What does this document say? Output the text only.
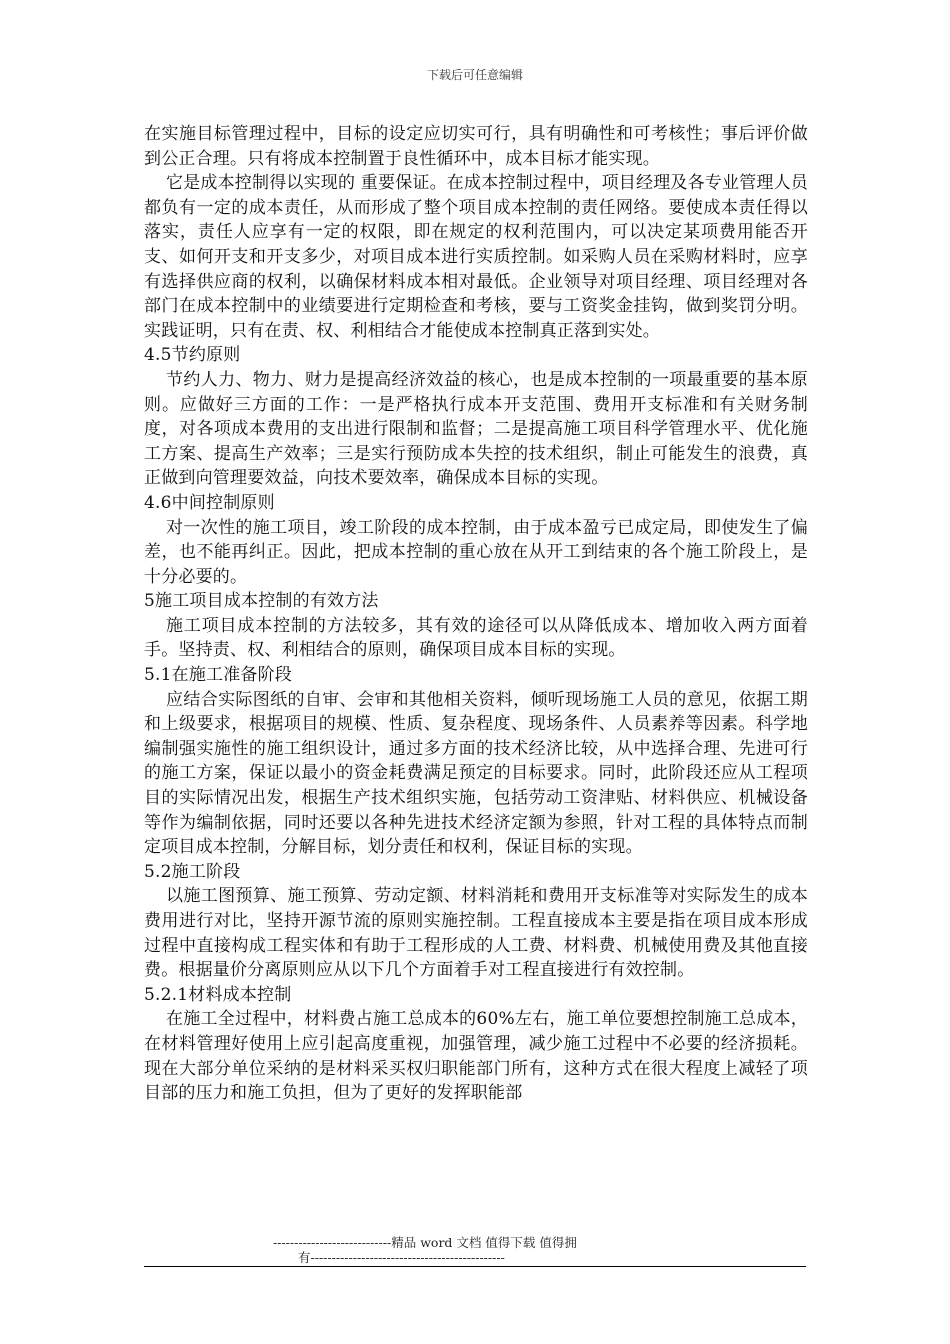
下载后可任意编辑

在实施目标管理过程中，目标的设定应切实可行，具有明确性和可考核性；事后评价做到公正合理。只有将成本控制置于良性循环中，成本目标才能实现。

它是成本控制得以实现的 重要保证。在成本控制过程中，项目经理及各专业管理人员都负有一定的成本责任，从而形成了整个项目成本控制的责任网络。要使成本责任得以落实，责任人应享有一定的权限，即在规定的权利范围内，可以决定某项费用能否开支、如何开支和开支多少，对项目成本进行实质控制。如采购人员在采购材料时，应享有选择供应商的权利，以确保材料成本相对最低。企业领导对项目经理、项目经理对各部门在成本控制中的业绩要进行定期检查和考核，要与工资奖金挂钩，做到奖罚分明。实践证明，只有在责、权、利相结合才能使成本控制真正落到实处。

4.5节约原则

节约人力、物力、财力是提高经济效益的核心，也是成本控制的一项最重要的基本原则。应做好三方面的工作：一是严格执行成本开支范围、费用开支标准和有关财务制度，对各项成本费用的支出进行限制和监督；二是提高施工项目科学管理水平、优化施工方案、提高生产效率；三是实行预防成本失控的技术组织，制止可能发生的浪费，真正做到向管理要效益，向技术要效率，确保成本目标的实现。

4.6中间控制原则

对一次性的施工项目，竣工阶段的成本控制，由于成本盈亏已成定局，即使发生了偏差，也不能再纠正。因此，把成本控制的重心放在从开工到结束的各个施工阶段上，是十分必要的。

5施工项目成本控制的有效方法

施工项目成本控制的方法较多，其有效的途径可以从降低成本、增加收入两方面着手。坚持责、权、利相结合的原则，确保项目成本目标的实现。

5.1在施工准备阶段

应结合实际图纸的自审、会审和其他相关资料，倾听现场施工人员的意见，依据工期和上级要求，根据项目的规模、性质、复杂程度、现场条件、人员素养等因素。科学地编制强实施性的施工组织设计，通过多方面的技术经济比较，从中选择合理、先进可行的施工方案，保证以最小的资金耗费满足预定的目标要求。同时，此阶段还应从工程项目的实际情况出发，根据生产技术组织实施，包括劳动工资津贴、材料供应、机械设备等作为编制依据，同时还要以各种先进技术经济定额为参照，针对工程的具体特点而制定项目成本控制，分解目标，划分责任和权利，保证目标的实现。

5.2施工阶段

以施工图预算、施工预算、劳动定额、材料消耗和费用开支标准等对实际发生的成本费用进行对比，坚持开源节流的原则实施控制。工程直接成本主要是指在项目成本形成过程中直接构成工程实体和有助于工程形成的人工费、材料费、机械使用费及其他直接费。根据量价分离原则应从以下几个方面着手对工程直接进行有效控制。

5.2.1材料成本控制

在施工全过程中，材料费占施工总成本的60%左右，施工单位要想控制施工总成本，在材料管理好使用上应引起高度重视，加强管理，减少施工过程中不必要的经济损耗。现在大部分单位采纳的是材料采买权归职能部门所有，这种方式在很大程度上减轻了项目部的压力和施工负担，但为了更好的发挥职能部

----------------------------精品 word 文档 值得下载 值得拥
有----------------------------------------------
